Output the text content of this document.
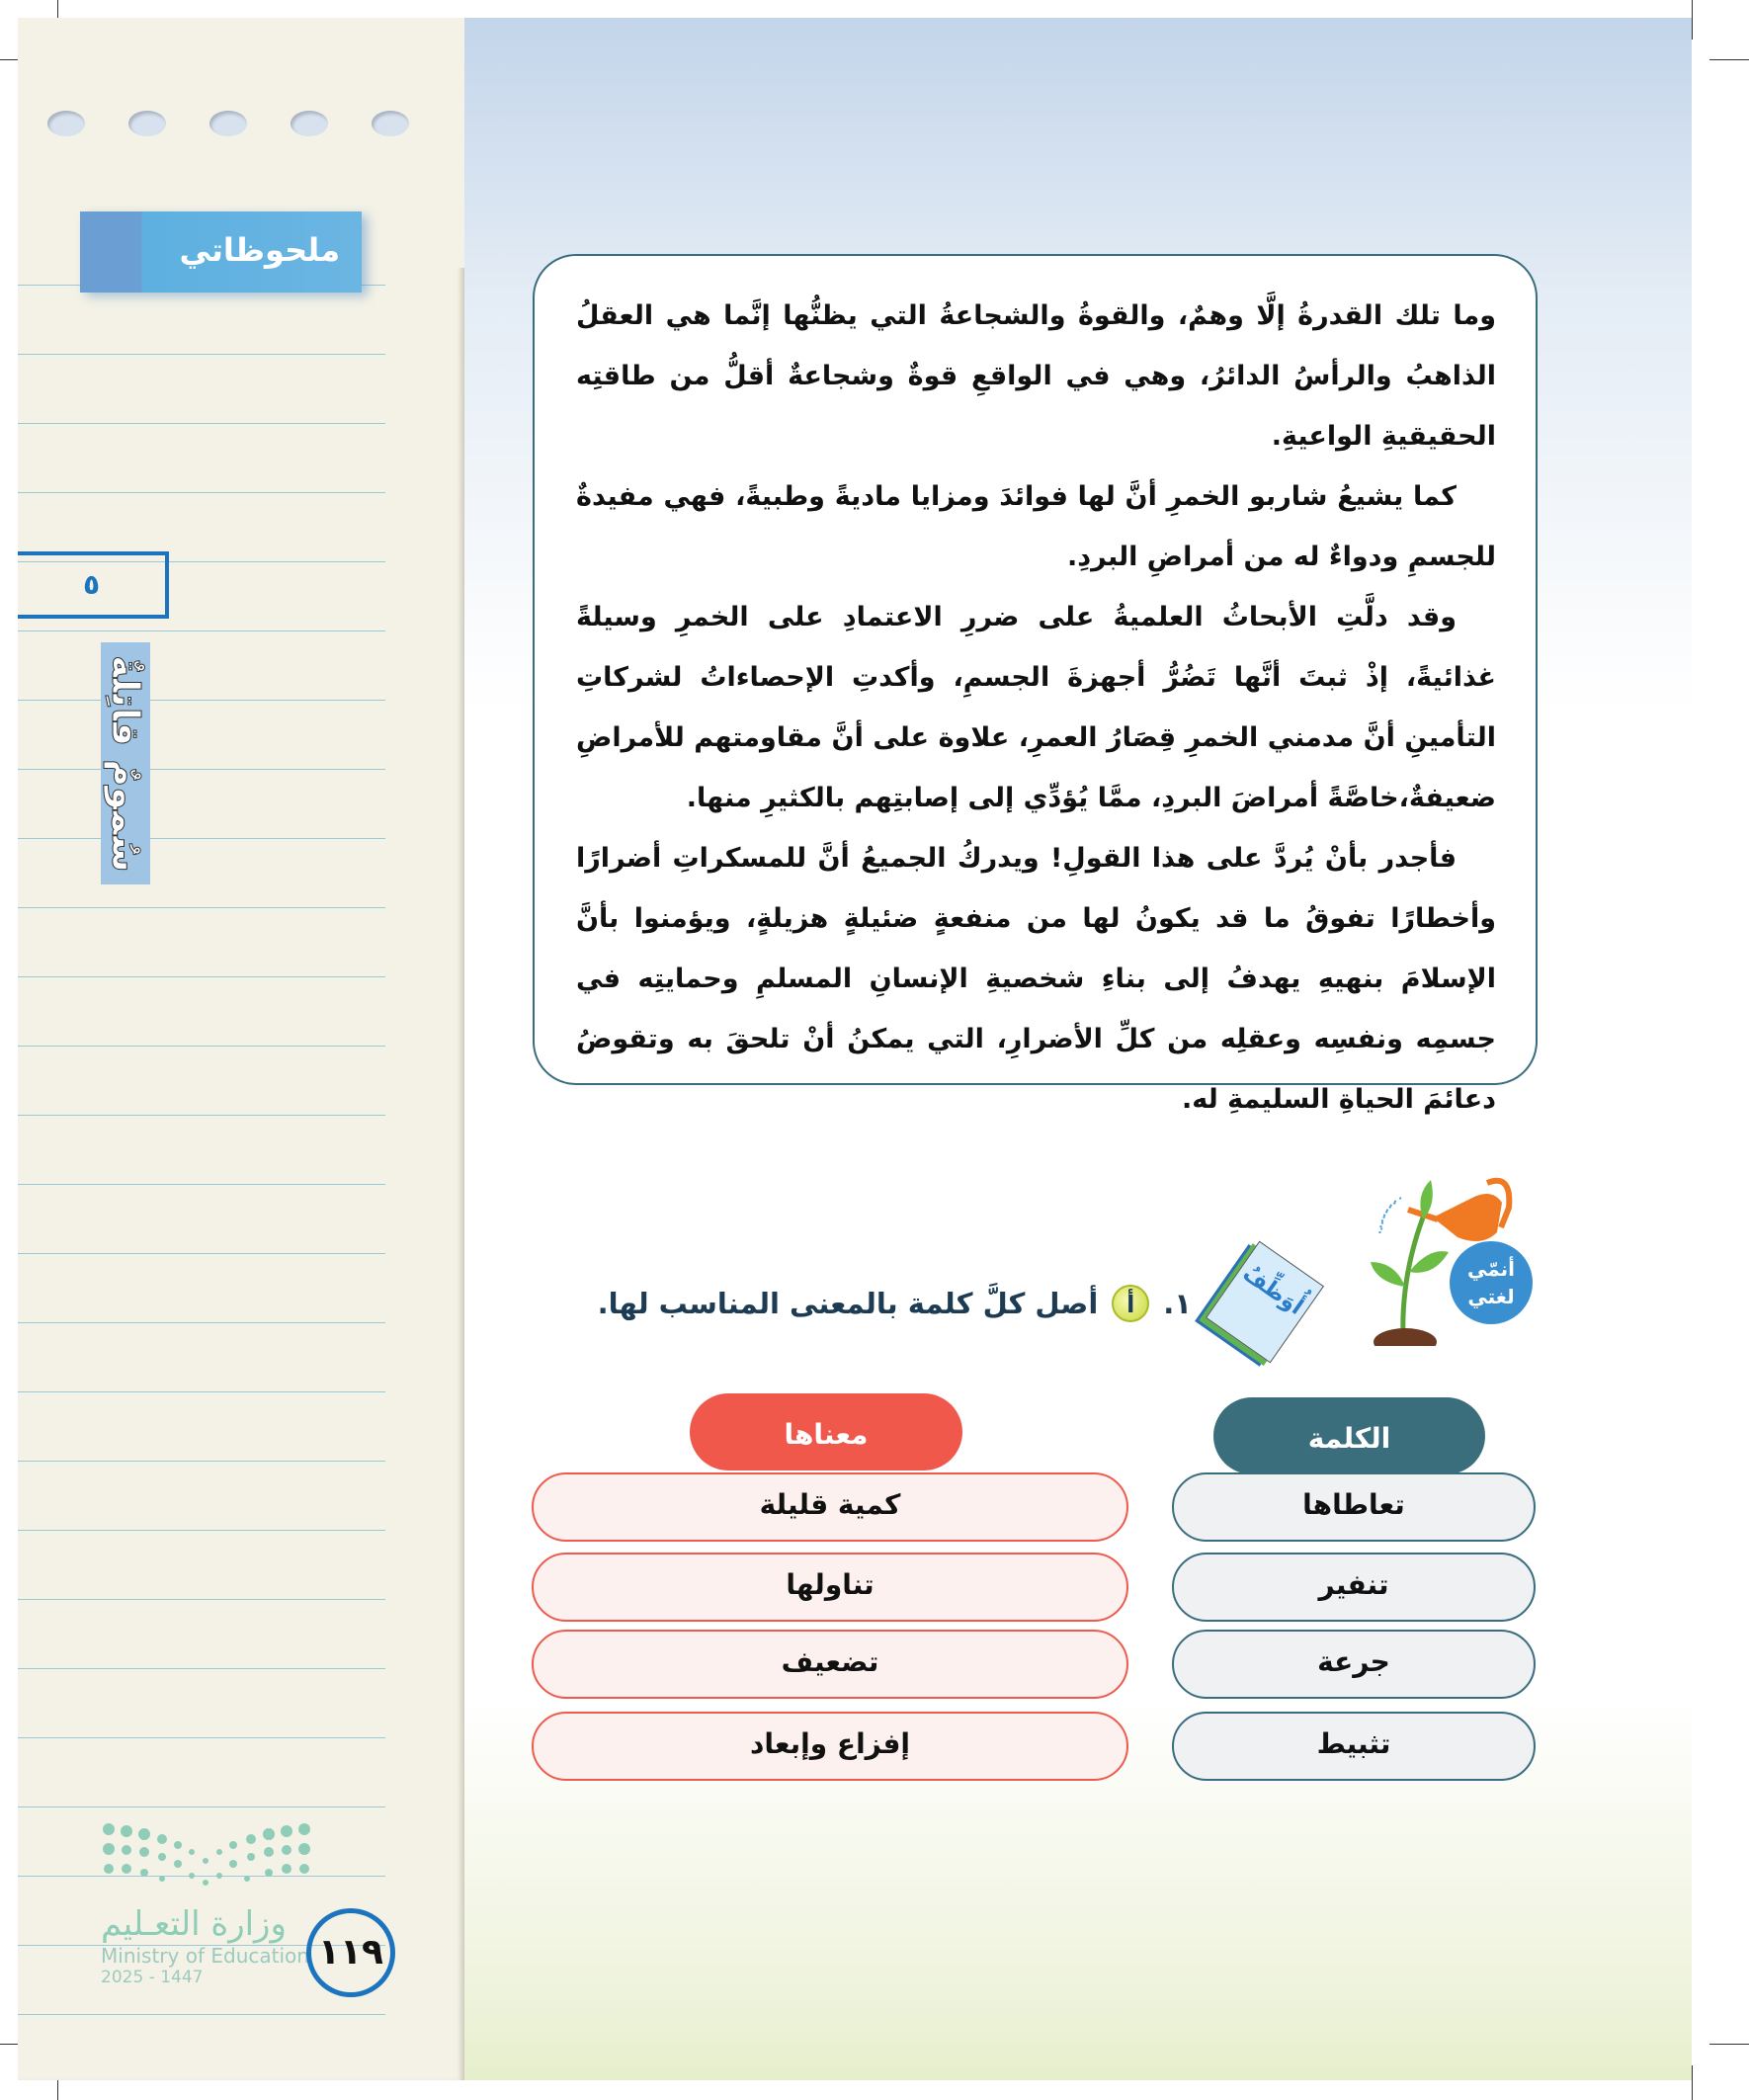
ملحوظاتي
٥
سُمومٌ قاتِلةٌ
وزارة التعـليم
Ministry of Education
2025 - 1447
١١٩

وما تلك القدرةُ إلَّا وهمٌ، والقوةُ والشجاعةُ التي يظنُّها إنَّما هي العقلُ الذاهبُ والرأسُ الدائرُ، وهي في الواقعِ قوةٌ وشجاعةٌ أقلُّ من طاقتِه الحقيقيةِ الواعيةِ.

كما يشيعُ شاربو الخمرِ أنَّ لها فوائدَ ومزايا ماديةً وطبيةً، فهي مفيدةٌ للجسمِ ودواءٌ له من أمراضِ البردِ.

وقد دلَّتِ الأبحاثُ العلميةُ على ضررِ الاعتمادِ على الخمرِ وسيلةً غذائيةً، إذْ ثبتَ أنَّها تَضُرُّ أجهزةَ الجسمِ، وأكدتِ الإحصاءاتُ لشركاتِ التأمينِ أنَّ مدمني الخمرِ قِصَارُ العمرِ، علاوة على أنَّ مقاومتهم للأمراضِ ضعيفةٌ،خاصَّةً أمراضَ البردِ، ممَّا يُؤدِّي إلى إصابتِهم بالكثيرِ منها.

فأجدر بأنْ يُردَّ على هذا القولِ! ويدركُ الجميعُ أنَّ للمسكراتِ أضرارًا وأخطارًا تفوقُ ما قد يكونُ لها من منفعةٍ ضئيلةٍ هزيلةٍ، ويؤمنوا بأنَّ الإسلامَ بنهيهِ يهدفُ إلى بناءِ شخصيةِ الإنسانِ المسلمِ وحمايتِه في جسمِه ونفسِه وعقلِه من كلِّ الأضرارِ، التي يمكنُ أنْ تلحقَ به وتقوضُ دعائمَ الحياةِ السليمةِ له.

أنمّي لغتي
أُوَظِّفُ
١.
أ
أصل كلَّ كلمة بالمعنى المناسب لها.
الكلمة
معناها
تعاطاها
تنفير
جرعة
تثبيط
كمية قليلة
تناولها
تضعيف
إفزاع وإبعاد
